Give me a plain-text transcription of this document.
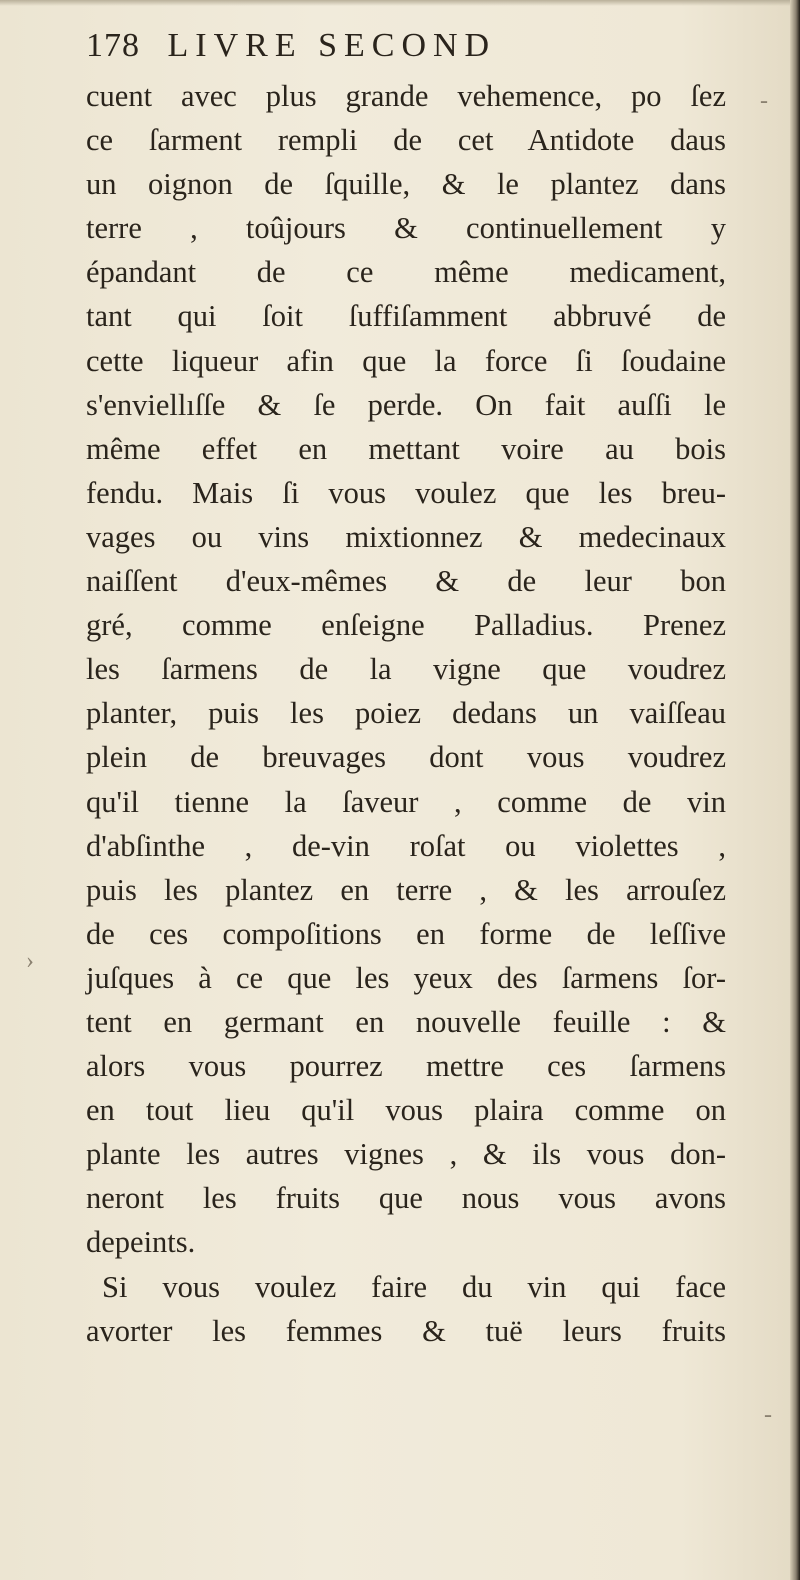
178 LIVRE SECOND
cuent avec plus grande vehemence, po ſez
ce ſarment rempli de cet Antidote daus
un oignon de ſquille, & le plantez dans
terre , toûjours & continuellement y
épandant de ce même medicament,
tant qui ſoit ſuffiſamment abbruvé de
cette liqueur afin que la force ſi ſoudaine
s'enviellıſſe & ſe perde. On fait auſſi le
même effet en mettant voire au bois
fendu. Mais ſi vous voulez que les breu-
vages ou vins mixtionnez & medecinaux
naiſſent d'eux-mêmes & de leur bon
gré, comme enſeigne Palladius. Prenez
les ſarmens de la vigne que voudrez
planter, puis les poiez dedans un vaiſſeau
plein de breuvages dont vous voudrez
qu'il tienne la ſaveur , comme de vin
d'abſinthe , de-vin roſat ou violettes ,
puis les plantez en terre , & les arrouſez
de ces compoſitions en forme de leſſive
juſques à ce que les yeux des ſarmens ſor-
tent en germant en nouvelle feuille : &
alors vous pourrez mettre ces ſarmens
en tout lieu qu'il vous plaira comme on
plante les autres vignes , & ils vous don-
neront les fruits que nous vous avons
depeints.
Si vous voulez faire du vin qui face
avorter les femmes & tuë leurs fruits
-
›
-
